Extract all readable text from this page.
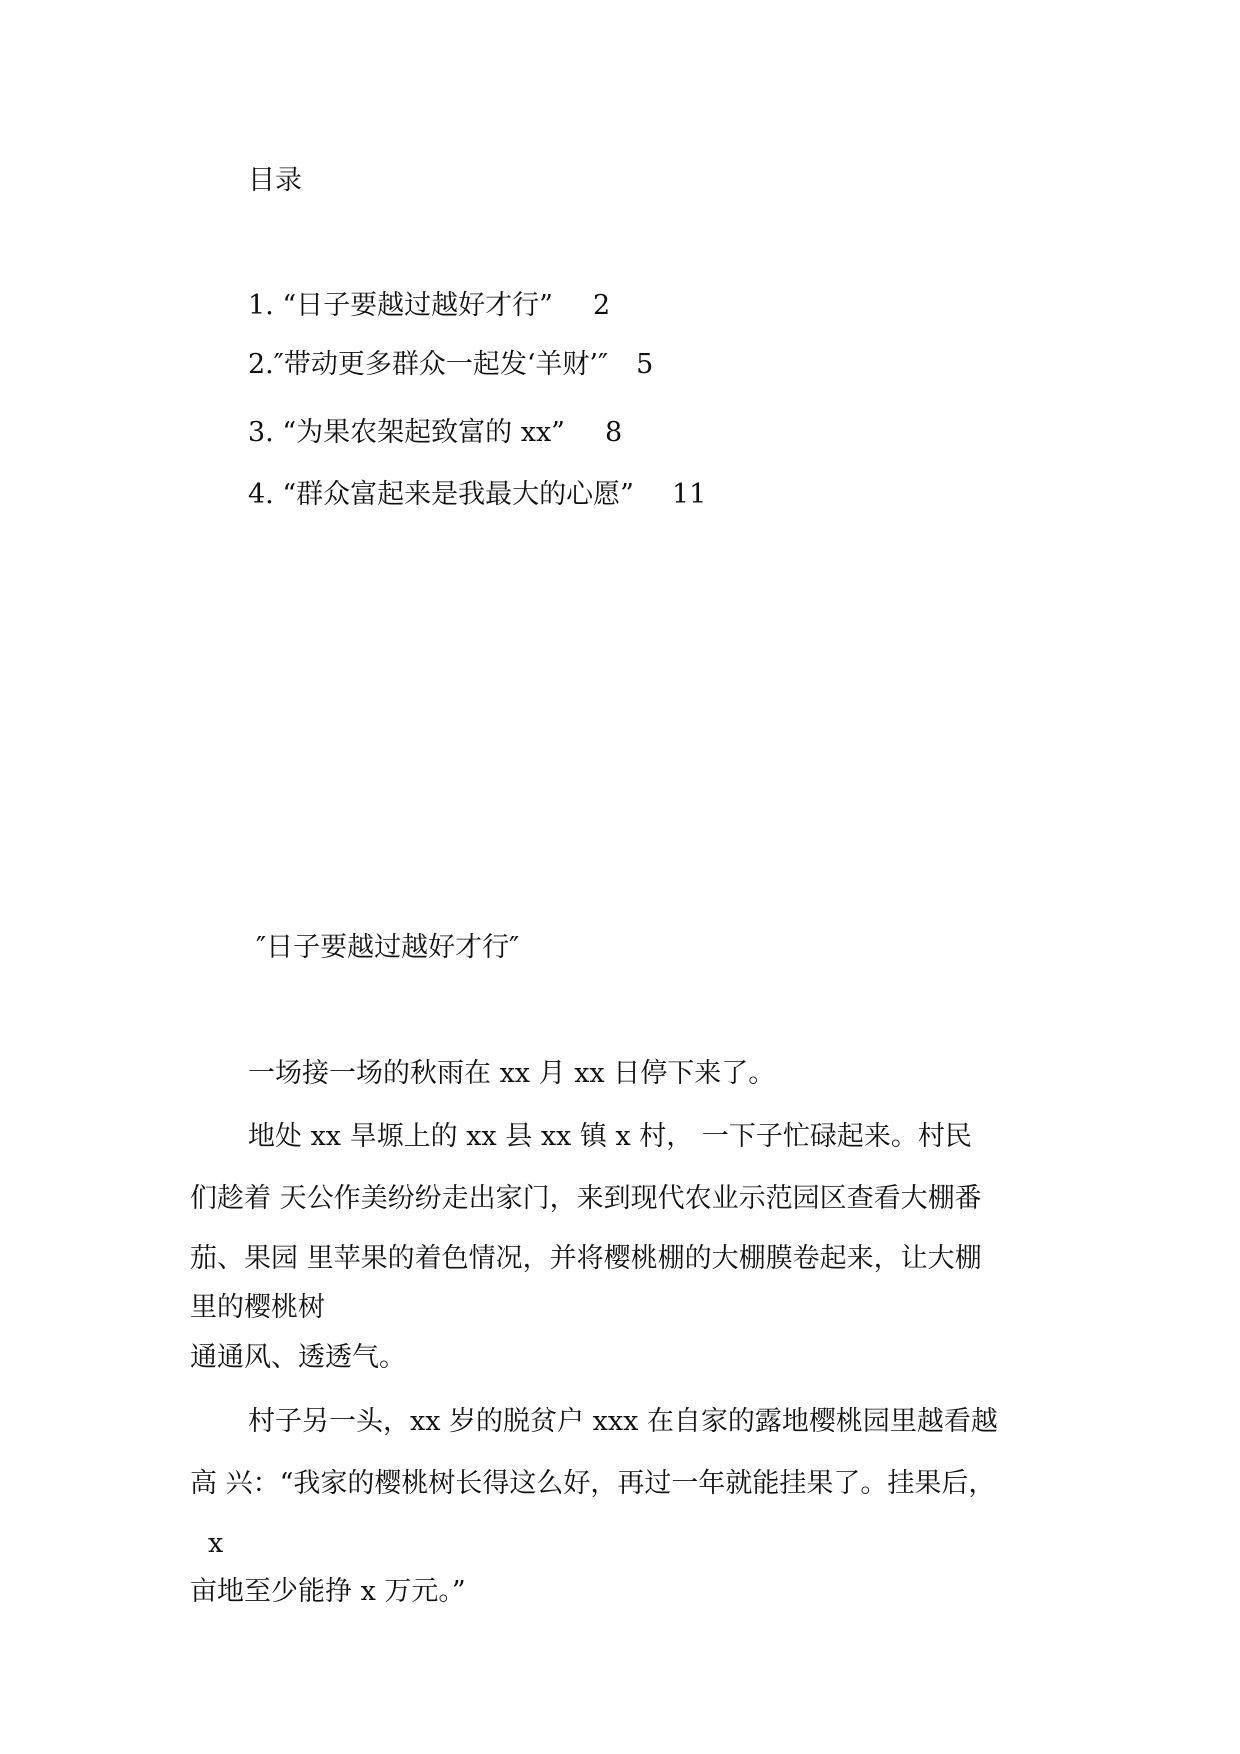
目录
1. “日子要越过越好才行” 2
2.″带动更多群众一起发‘羊财’″ 5
3. “为果农架起致富的 xx” 8
4. “群众富起来是我最大的心愿” 11
″日子要越过越好才行″
一场接一场的秋雨在 xx 月 xx 日停下来了。
地处 xx 旱塬上的 xx 县 xx 镇 x 村， 一下子忙碌起来。村民
们趁着 天公作美纷纷走出家门，来到现代农业示范园区查看大棚番
茄、果园 里苹果的着色情况，并将樱桃棚的大棚膜卷起来，让大棚
里的樱桃树
通通风、透透气。
村子另一头，xx 岁的脱贫户 xxx 在自家的露地樱桃园里越看越
高 兴：“我家的樱桃树长得这么好，再过一年就能挂果了。挂果后，
x
亩地至少能挣 x 万元。”
